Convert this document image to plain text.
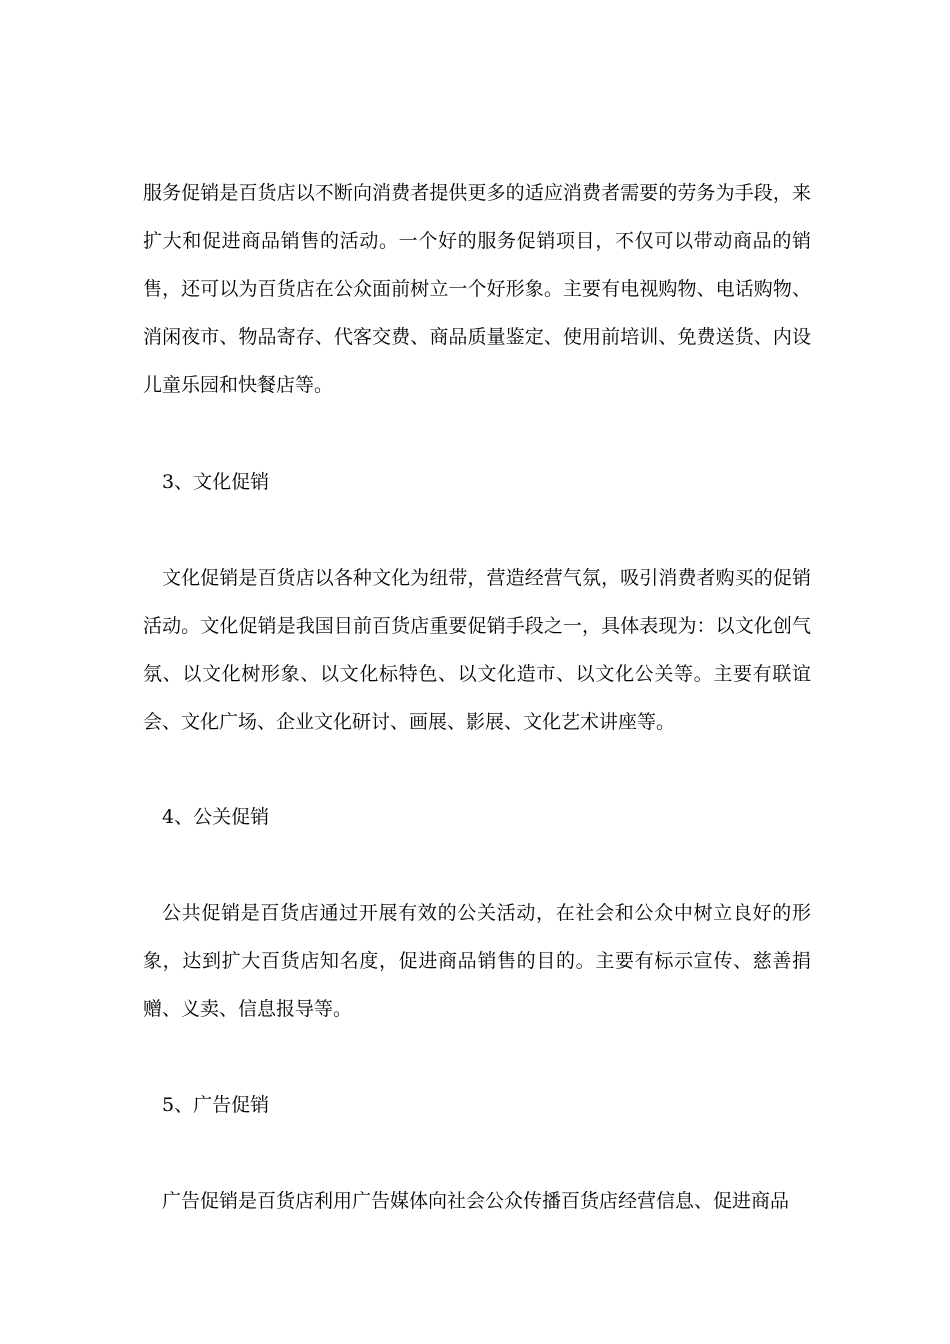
服务促销是百货店以不断向消费者提供更多的适应消费者需要的劳务为手段，来扩大和促进商品销售的活动。一个好的服务促销项目，不仅可以带动商品的销售，还可以为百货店在公众面前树立一个好形象。主要有电视购物、电话购物、消闲夜市、物品寄存、代客交费、商品质量鉴定、使用前培训、免费送货、内设儿童乐园和快餐店等。

3、文化促销

文化促销是百货店以各种文化为纽带，营造经营气氛，吸引消费者购买的促销活动。文化促销是我国目前百货店重要促销手段之一，具体表现为：以文化创气氛、以文化树形象、以文化标特色、以文化造市、以文化公关等。主要有联谊会、文化广场、企业文化研讨、画展、影展、文化艺术讲座等。

4、公关促销

公共促销是百货店通过开展有效的公关活动，在社会和公众中树立良好的形象，达到扩大百货店知名度，促进商品销售的目的。主要有标示宣传、慈善捐赠、义卖、信息报导等。

5、广告促销

广告促销是百货店利用广告媒体向社会公众传播百货店经营信息、促进商品
